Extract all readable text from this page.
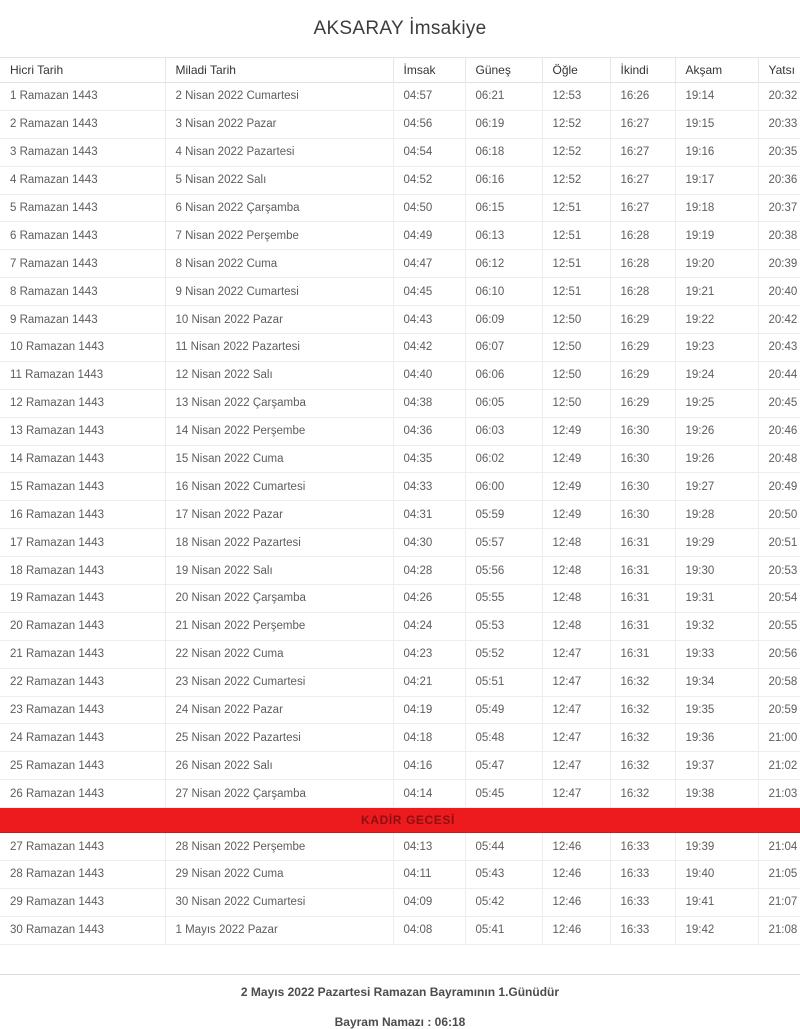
AKSARAY İmsakiye
Hicri Tarih	Miladi Tarih	İmsak	Güneş	Öğle	İkindi	Akşam	Yatsı
1 Ramazan 1443	2 Nisan 2022 Cumartesi	04:57	06:21	12:53	16:26	19:14	20:32
2 Ramazan 1443	3 Nisan 2022 Pazar	04:56	06:19	12:52	16:27	19:15	20:33
3 Ramazan 1443	4 Nisan 2022 Pazartesi	04:54	06:18	12:52	16:27	19:16	20:35
4 Ramazan 1443	5 Nisan 2022 Salı	04:52	06:16	12:52	16:27	19:17	20:36
5 Ramazan 1443	6 Nisan 2022 Çarşamba	04:50	06:15	12:51	16:27	19:18	20:37
6 Ramazan 1443	7 Nisan 2022 Perşembe	04:49	06:13	12:51	16:28	19:19	20:38
7 Ramazan 1443	8 Nisan 2022 Cuma	04:47	06:12	12:51	16:28	19:20	20:39
8 Ramazan 1443	9 Nisan 2022 Cumartesi	04:45	06:10	12:51	16:28	19:21	20:40
9 Ramazan 1443	10 Nisan 2022 Pazar	04:43	06:09	12:50	16:29	19:22	20:42
10 Ramazan 1443	11 Nisan 2022 Pazartesi	04:42	06:07	12:50	16:29	19:23	20:43
11 Ramazan 1443	12 Nisan 2022 Salı	04:40	06:06	12:50	16:29	19:24	20:44
12 Ramazan 1443	13 Nisan 2022 Çarşamba	04:38	06:05	12:50	16:29	19:25	20:45
13 Ramazan 1443	14 Nisan 2022 Perşembe	04:36	06:03	12:49	16:30	19:26	20:46
14 Ramazan 1443	15 Nisan 2022 Cuma	04:35	06:02	12:49	16:30	19:26	20:48
15 Ramazan 1443	16 Nisan 2022 Cumartesi	04:33	06:00	12:49	16:30	19:27	20:49
16 Ramazan 1443	17 Nisan 2022 Pazar	04:31	05:59	12:49	16:30	19:28	20:50
17 Ramazan 1443	18 Nisan 2022 Pazartesi	04:30	05:57	12:48	16:31	19:29	20:51
18 Ramazan 1443	19 Nisan 2022 Salı	04:28	05:56	12:48	16:31	19:30	20:53
19 Ramazan 1443	20 Nisan 2022 Çarşamba	04:26	05:55	12:48	16:31	19:31	20:54
20 Ramazan 1443	21 Nisan 2022 Perşembe	04:24	05:53	12:48	16:31	19:32	20:55
21 Ramazan 1443	22 Nisan 2022 Cuma	04:23	05:52	12:47	16:31	19:33	20:56
22 Ramazan 1443	23 Nisan 2022 Cumartesi	04:21	05:51	12:47	16:32	19:34	20:58
23 Ramazan 1443	24 Nisan 2022 Pazar	04:19	05:49	12:47	16:32	19:35	20:59
24 Ramazan 1443	25 Nisan 2022 Pazartesi	04:18	05:48	12:47	16:32	19:36	21:00
25 Ramazan 1443	26 Nisan 2022 Salı	04:16	05:47	12:47	16:32	19:37	21:02
26 Ramazan 1443	27 Nisan 2022 Çarşamba	04:14	05:45	12:47	16:32	19:38	21:03
KADİR GECESİ							
27 Ramazan 1443	28 Nisan 2022 Perşembe	04:13	05:44	12:46	16:33	19:39	21:04
28 Ramazan 1443	29 Nisan 2022 Cuma	04:11	05:43	12:46	16:33	19:40	21:05
29 Ramazan 1443	30 Nisan 2022 Cumartesi	04:09	05:42	12:46	16:33	19:41	21:07
30 Ramazan 1443	1 Mayıs 2022 Pazar	04:08	05:41	12:46	16:33	19:42	21:08
2 Mayıs 2022 Pazartesi Ramazan Bayramının 1.Günüdür
Bayram Namazı : 06:18
